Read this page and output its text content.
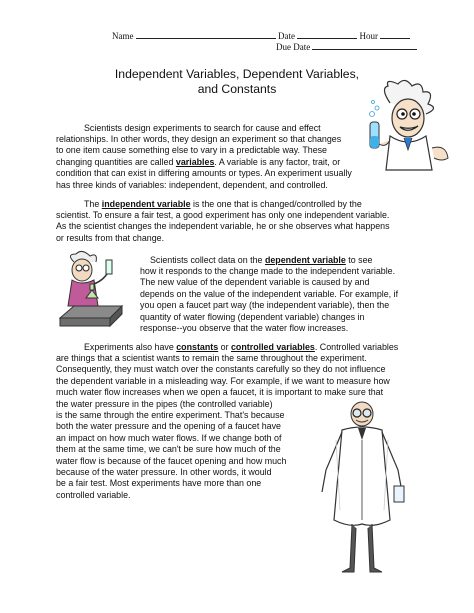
Name	Date	Hour
Due Date
Independent Variables, Dependent Variables,
and Constants
Scientists design experiments to search for cause and effect
relationships. In other words, they design an experiment so that changes
to one item cause something else to vary in a predictable way. These
changing quantities are called variables. A variable is any factor, trait, or
condition that can exist in differing amounts or types. An experiment usually
has three kinds of variables: independent, dependent, and controlled.
The independent variable is the one that is changed/controlled by the
scientist. To ensure a fair test, a good experiment has only one independent variable.
As the scientist changes the independent variable, he or she observes what happens
or results from that change.
Scientists collect data on the dependent variable to see
how it responds to the change made to the independent variable.
The new value of the dependent variable is caused by and
depends on the value of the independent variable. For example, if
you open a faucet part way (the independent variable), then the
quantity of water flowing (dependent variable) changes in
response--you observe that the water flow increases.
Experiments also have constants or controlled variables. Controlled variables
are things that a scientist wants to remain the same throughout the experiment.
Consequently, they must watch over the constants carefully so they do not influence
the dependent variable in a misleading way. For example, if we want to measure how
much water flow increases when we open a faucet, it is important to make sure that
the water pressure in the pipes (the controlled variable)
is the same through the entire experiment. That's because
both the water pressure and the opening of a faucet have
an impact on how much water flows. If we change both of
them at the same time, we can't be sure how much of the
water flow is because of the faucet opening and how much
because of the water pressure. In other words, it would
be a fair test. Most experiments have more than one
controlled variable.
